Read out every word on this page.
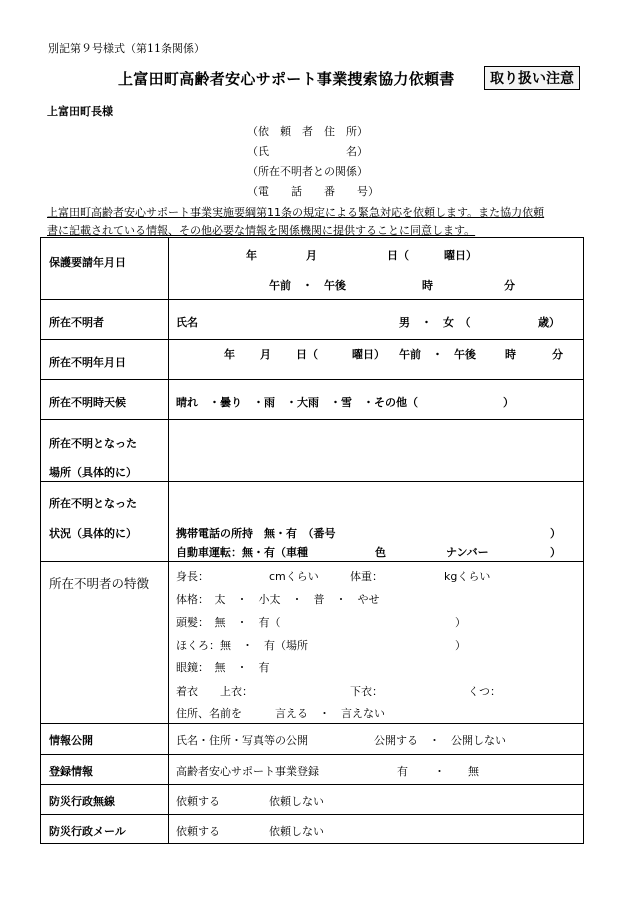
別記第９号様式（第11条関係）
上富田町高齢者安心サポート事業捜索協力依頼書	取り扱い注意
上富田町長様
（依　頼　者　住　所）
（氏　　　　　　　名）
（所在不明者との関係）
（電　　話　　番　　号）
上富田町高齢者安心サポート事業実施要綱第11条の規定による緊急対応を依頼します。また協力依頼
書に記載されている情報、その他必要な情報を関係機関に提供することに同意します。
保護要請年月日
年	月	日（	曜日）
午前　・　午後	時	分
所在不明者	氏名	男　・　女　（	歳）
所在不明年月日
年 月 日（	曜日） 午前　・　午後	時	分
所在不明時天候	晴れ　・曇り　・雨　・大雨　・雪　・その他（	）
所在不明となった
場所（具体的に）
所在不明となった
状況（具体的に）	携帯電話の所持　無・有　（番号	）
自動車運転：無・有（車種	色	ナンバー	）
所在不明者の特徴 身長：	cmくらい	体重：	kgくらい
体格：　太　・　小太　・　普　・　やせ
頭髪：　無　・　有（	）
ほくろ：無　・　有（場所	）
眼鏡：　無　・　有
着衣　　上衣：	下衣：	くつ：
住所、名前を　　　言える　・　言えない
情報公開	氏名・住所・写真等の公開	公開する　・　公開しない
登録情報	高齢者安心サポート事業登録	有 ・ 無
防災行政無線	依頼する	依頼しない
防災行政メール	依頼する	依頼しない
